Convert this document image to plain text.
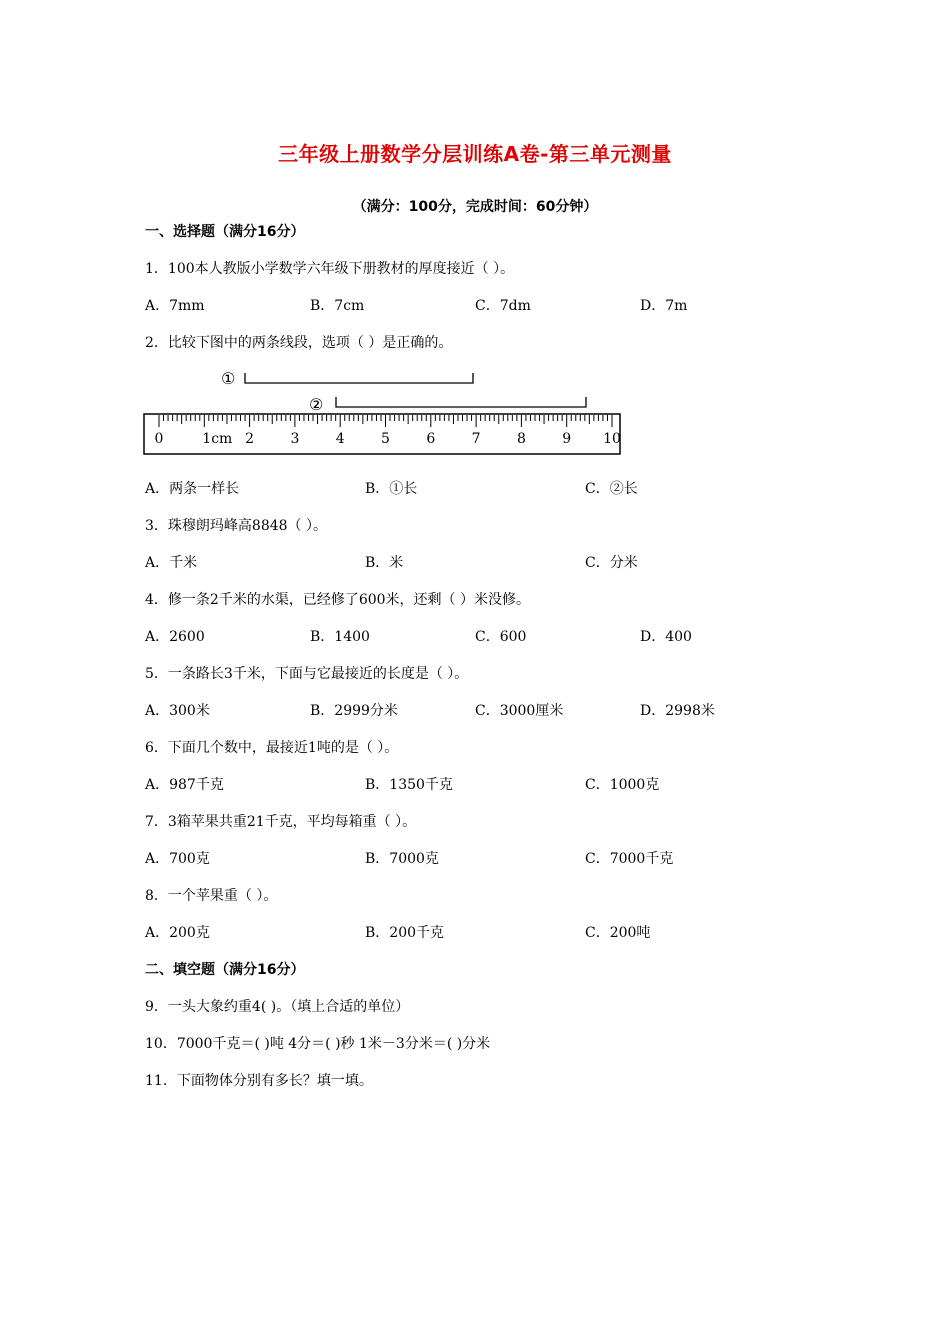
三年级上册数学分层训练A卷-第三单元测量
（满分：100分，完成时间：60分钟）
一、选择题（满分16分）
1．100本人教版小学数学六年级下册教材的厚度接近（ ）。
A．7mm	B．7cm	C．7dm	D．7m
2．比较下图中的两条线段，选项（ ）是正确的。
①
②
0	1cm 2	3	4	5	6	7	8	9 10
A．两条一样长	B．①长	C．②长
3．珠穆朗玛峰高8848（ ）。
A．千米	B．米	C．分米
4．修一条2千米的水渠，已经修了600米，还剩（ ）米没修。
A．2600	B．1400	C．600	D．400
5．一条路长3千米，下面与它最接近的长度是（ ）。
A．300米	B．2999分米	C．3000厘米	D．2998米
6．下面几个数中，最接近1吨的是（ ）。
A．987千克	B．1350千克	C．1000克
7．3箱苹果共重21千克，平均每箱重（ ）。
A．700克	B．7000克	C．7000千克
8．一个苹果重（ ）。
A．200克	B．200千克	C．200吨
二、填空题（满分16分）
9．一头大象约重4( )。（填上合适的单位）
10．7000千克＝( )吨 4分＝( )秒 1米－3分米＝( )分米
11．下面物体分别有多长？填一填。
